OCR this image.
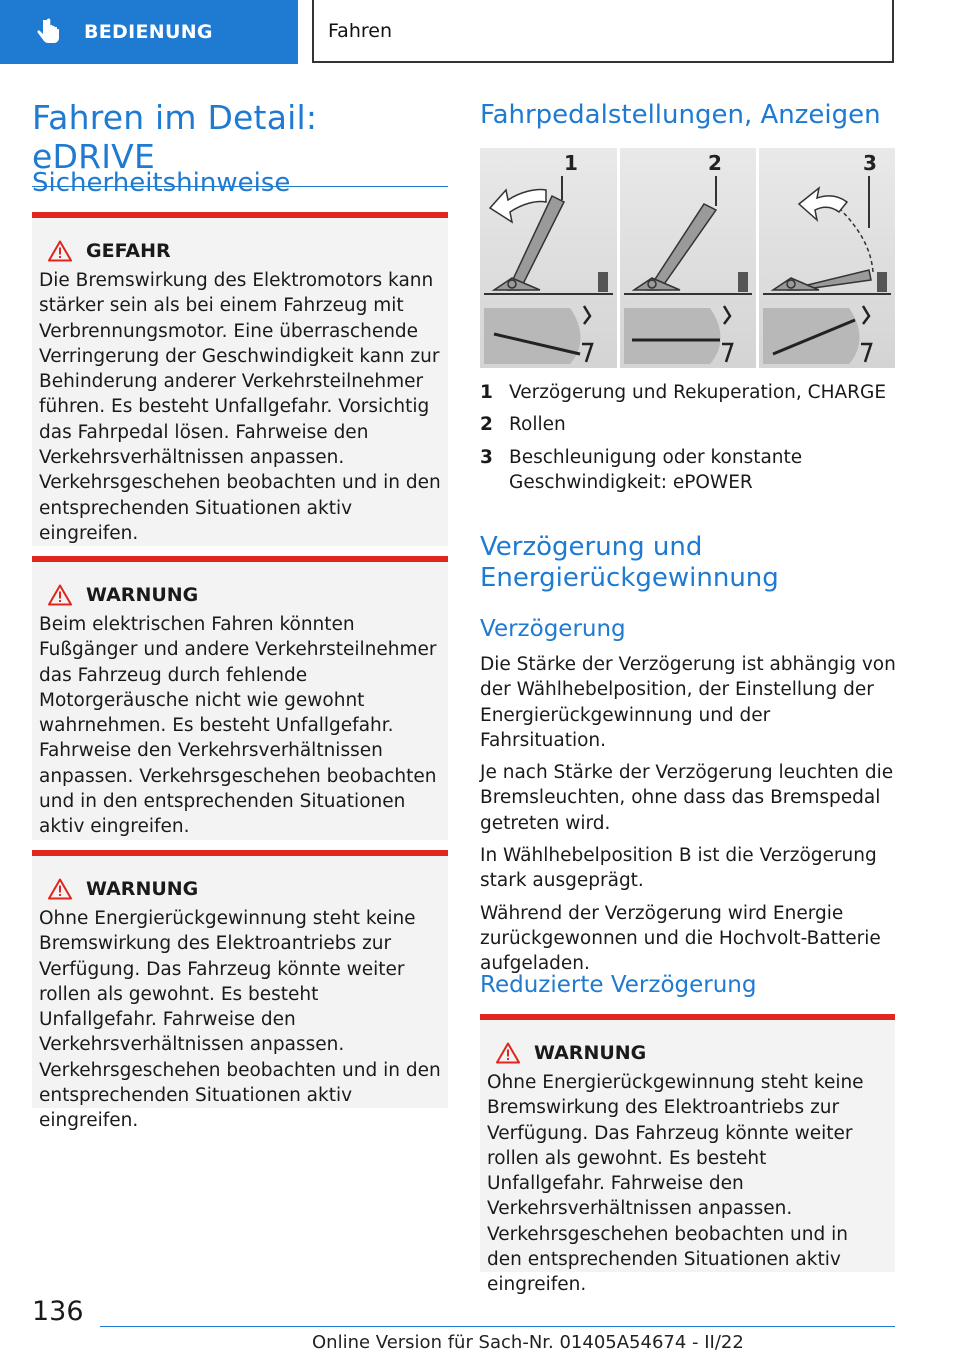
BEDIENUNG	Fahren
Fahren im Detail: eDRIVE
Sicherheitshinweise
GEFAHR

Die Bremswirkung des Elektromotors kann stärker sein als bei einem Fahrzeug mit Verbrennungsmotor. Eine überraschende Verringerung der Geschwindigkeit kann zur Behinderung anderer Verkehrsteilnehmer führen. Es besteht Unfallgefahr. Vorsichtig das Fahrpedal lösen. Fahrweise den Verkehrsverhältnissen anpassen. Verkehrsgeschehen beobachten und in den entsprechenden Situationen aktiv eingreifen.

WARNUNG

Beim elektrischen Fahren könnten Fußgänger und andere Verkehrsteilnehmer das Fahrzeug durch fehlende Motorgeräusche nicht wie gewohnt wahrnehmen. Es besteht Unfallgefahr. Fahrweise den Verkehrsverhältnissen anpassen. Verkehrsgeschehen beobachten und in den entsprechenden Situationen aktiv eingreifen.

WARNUNG

Ohne Energierückgewinnung steht keine Bremswirkung des Elektroantriebs zur Verfügung. Das Fahrzeug könnte weiter rollen als gewohnt. Es besteht Unfallgefahr. Fahrweise den Verkehrsverhältnissen anpassen. Verkehrsgeschehen beobachten und in den entsprechenden Situationen aktiv eingreifen.

Fahrpedalstellungen, Anzeigen
1	2	3
1 Verzögerung und Rekuperation, CHARGE
2 Rollen
3 Beschleunigung oder konstante Geschwindigkeit: ePOWER
Verzögerung und Energierückgewinnung
Verzögerung

Die Stärke der Verzögerung ist abhängig von der Wählhebelposition, der Einstellung der Energierückgewinnung und der Fahrsituation.

Je nach Stärke der Verzögerung leuchten die Bremsleuchten, ohne dass das Bremspedal getreten wird.

In Wählhebelposition B ist die Verzögerung stark ausgeprägt.

Während der Verzögerung wird Energie zurückgewonnen und die Hochvolt-Batterie aufgeladen.

Reduzierte Verzögerung
WARNUNG

Ohne Energierückgewinnung steht keine Bremswirkung des Elektroantriebs zur Verfügung. Das Fahrzeug könnte weiter rollen als gewohnt. Es besteht Unfallgefahr. Fahrweise den Verkehrsverhältnissen anpassen. Verkehrsgeschehen beobachten und in den entsprechenden Situationen aktiv eingreifen.

136
Online Version für Sach-Nr. 01405A54674 - II/22
